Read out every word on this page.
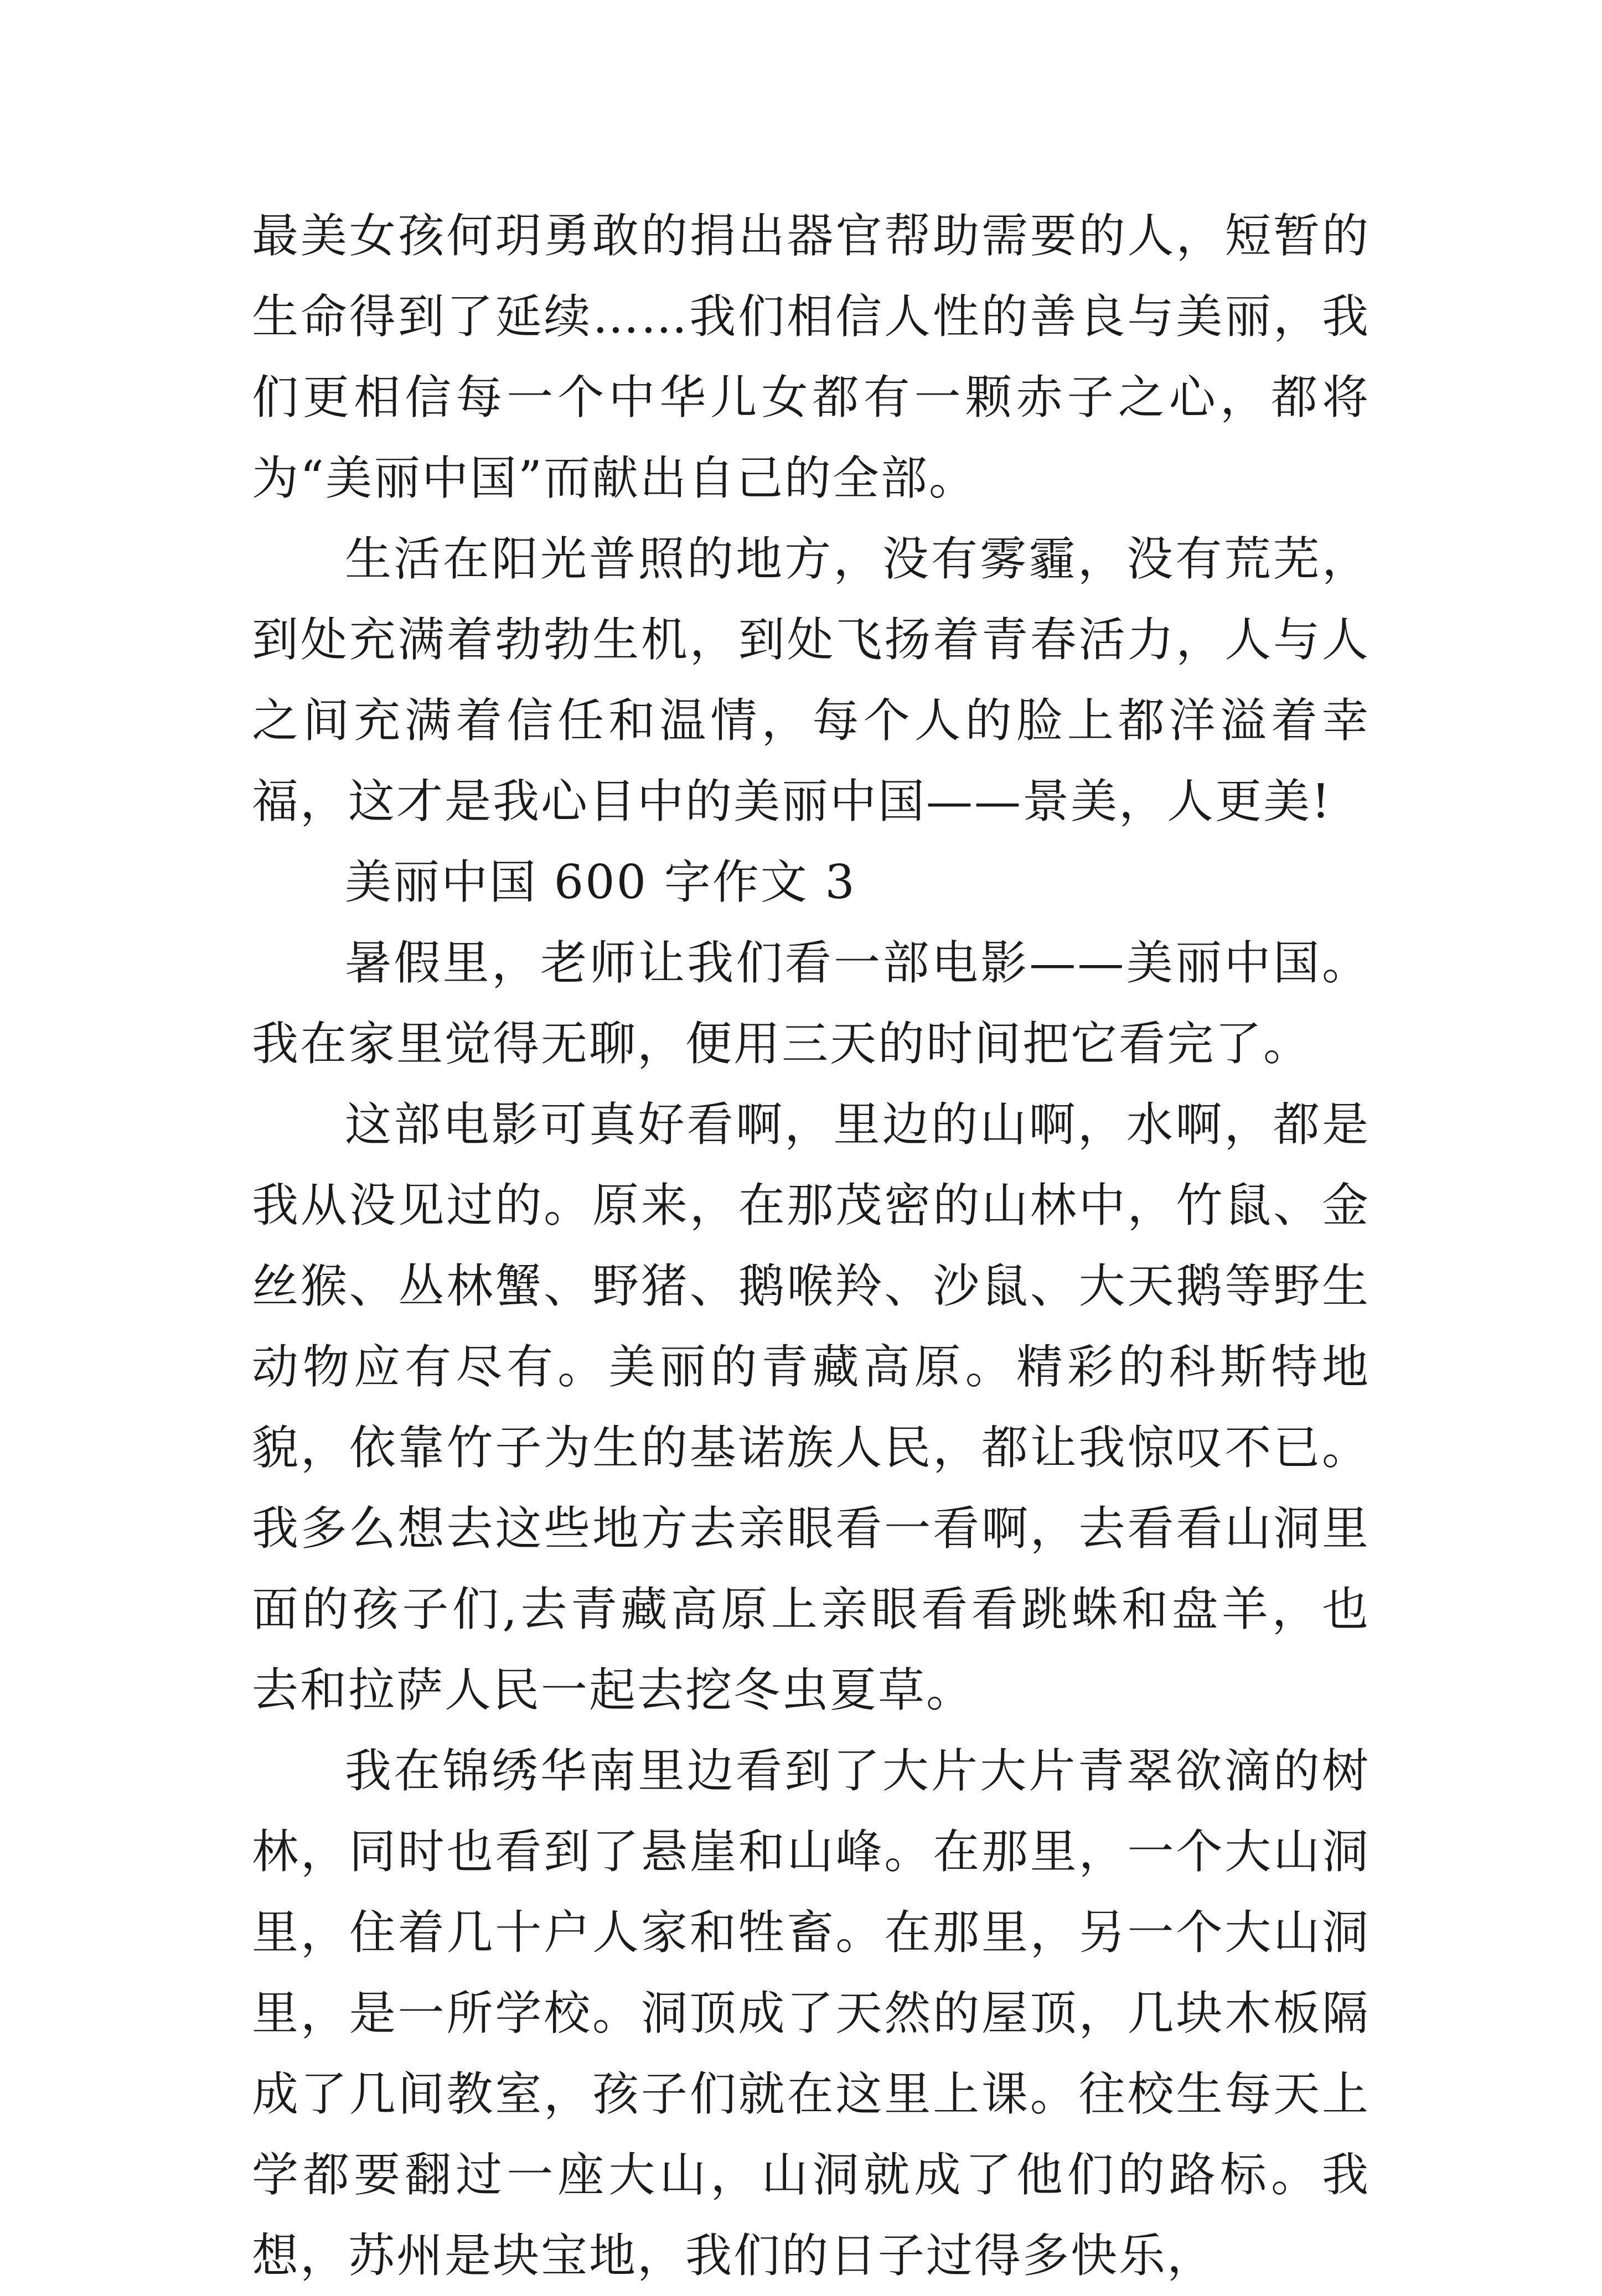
最美女孩何玥勇敢的捐出器官帮助需要的人，短暂的生命得到了延续……我们相信人性的善良与美丽，我们更相信每一个中华儿女都有一颗赤子之心，都将为“美丽中国”而献出自己的全部。

生活在阳光普照的地方，没有雾霾，没有荒芜，到处充满着勃勃生机，到处飞扬着青春活力，人与人之间充满着信任和温情，每个人的脸上都洋溢着幸福，这才是我心目中的美丽中国——景美，人更美!

美丽中国 600 字作文 3

暑假里，老师让我们看一部电影——美丽中国。我在家里觉得无聊，便用三天的时间把它看完了。

这部电影可真好看啊，里边的山啊，水啊，都是我从没见过的。原来，在那茂密的山林中，竹鼠、金丝猴、丛林蟹、野猪、鹅喉羚、沙鼠、大天鹅等野生动物应有尽有。美丽的青藏高原。精彩的科斯特地貌，依靠竹子为生的基诺族人民，都让我惊叹不已。我多么想去这些地方去亲眼看一看啊，去看看山洞里面的孩子们,去青藏高原上亲眼看看跳蛛和盘羊，也去和拉萨人民一起去挖冬虫夏草。

我在锦绣华南里边看到了大片大片青翠欲滴的树林，同时也看到了悬崖和山峰。在那里，一个大山洞里，住着几十户人家和牲畜。在那里，另一个大山洞里，是一所学校。洞顶成了天然的屋顶，几块木板隔成了几间教室，孩子们就在这里上课。往校生每天上学都要翻过一座大山，山洞就成了他们的路标。我想，苏州是块宝地，我们的日子过得多快乐，
